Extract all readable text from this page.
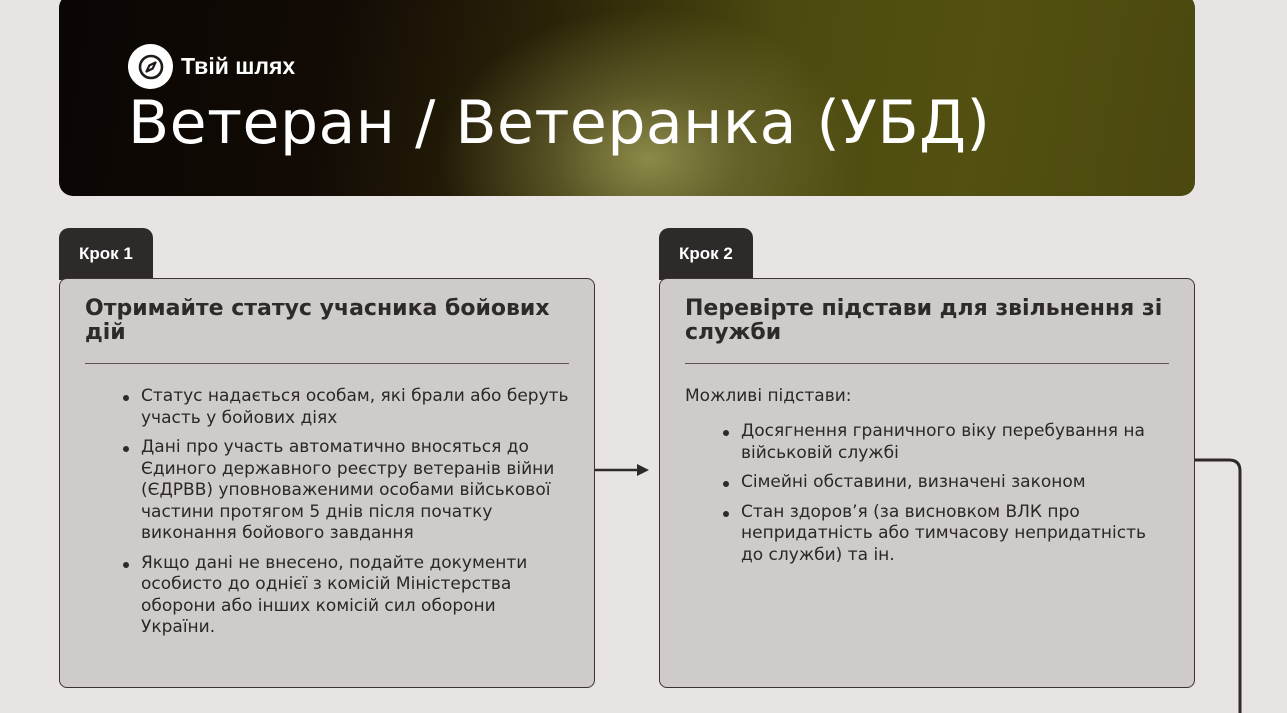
Твій шлях
Ветеран / Ветеранка (УБД)
Крок 1
Отримайте статус учасника бойових дій
Статус надається особам, які брали або беруть участь у бойових діях
Дані про участь автоматично вносяться до Єдиного державного реєстру ветеранів війни (ЄДРВВ) уповноваженими особами військової частини протягом 5 днів після початку виконання бойового завдання
Якщо дані не внесено, подайте документи особисто до однієї з комісій Міністерства оборони або інших комісій сил оборони України.
Крок 2
Перевірте підстави для звільнення зі служби

Можливі підстави:

Досягнення граничного віку перебування на військовій службі
Сімейні обставини, визначені законом
Стан здоров’я (за висновком ВЛК про непридатність або тимчасову непридатність до служби) та ін.
